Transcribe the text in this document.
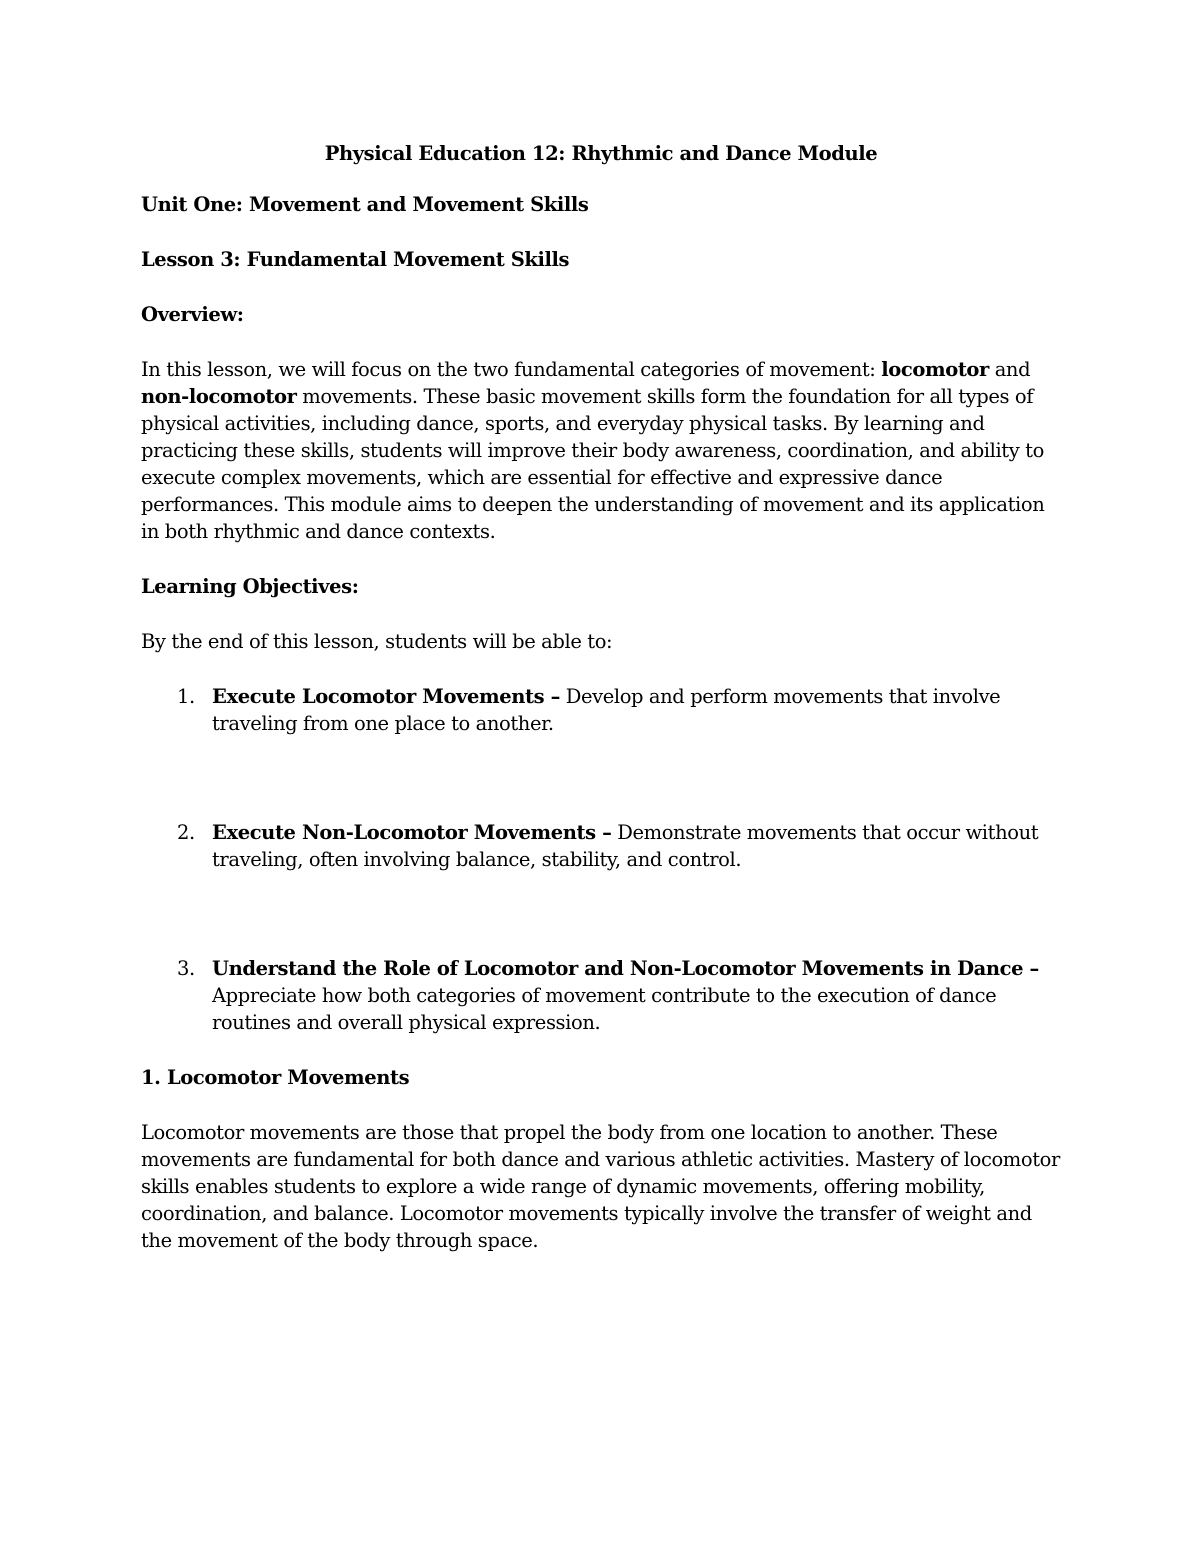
Physical Education 12: Rhythmic and Dance Module
Unit One: Movement and Movement Skills
Lesson 3: Fundamental Movement Skills
Overview:

In this lesson, we will focus on the two fundamental categories of movement: locomotor and non-locomotor movements. These basic movement skills form the foundation for all types of physical activities, including dance, sports, and everyday physical tasks. By learning and practicing these skills, students will improve their body awareness, coordination, and ability to execute complex movements, which are essential for effective and expressive dance performances. This module aims to deepen the understanding of movement and its application in both rhythmic and dance contexts.

Learning Objectives:

By the end of this lesson, students will be able to:

1. Execute Locomotor Movements – Develop and perform movements that involve traveling from one place to another.
2. Execute Non-Locomotor Movements – Demonstrate movements that occur without traveling, often involving balance, stability, and control.
3. Understand the Role of Locomotor and Non-Locomotor Movements in Dance – Appreciate how both categories of movement contribute to the execution of dance routines and overall physical expression.
1. Locomotor Movements

Locomotor movements are those that propel the body from one location to another. These movements are fundamental for both dance and various athletic activities. Mastery of locomotor skills enables students to explore a wide range of dynamic movements, offering mobility, coordination, and balance. Locomotor movements typically involve the transfer of weight and the movement of the body through space.
